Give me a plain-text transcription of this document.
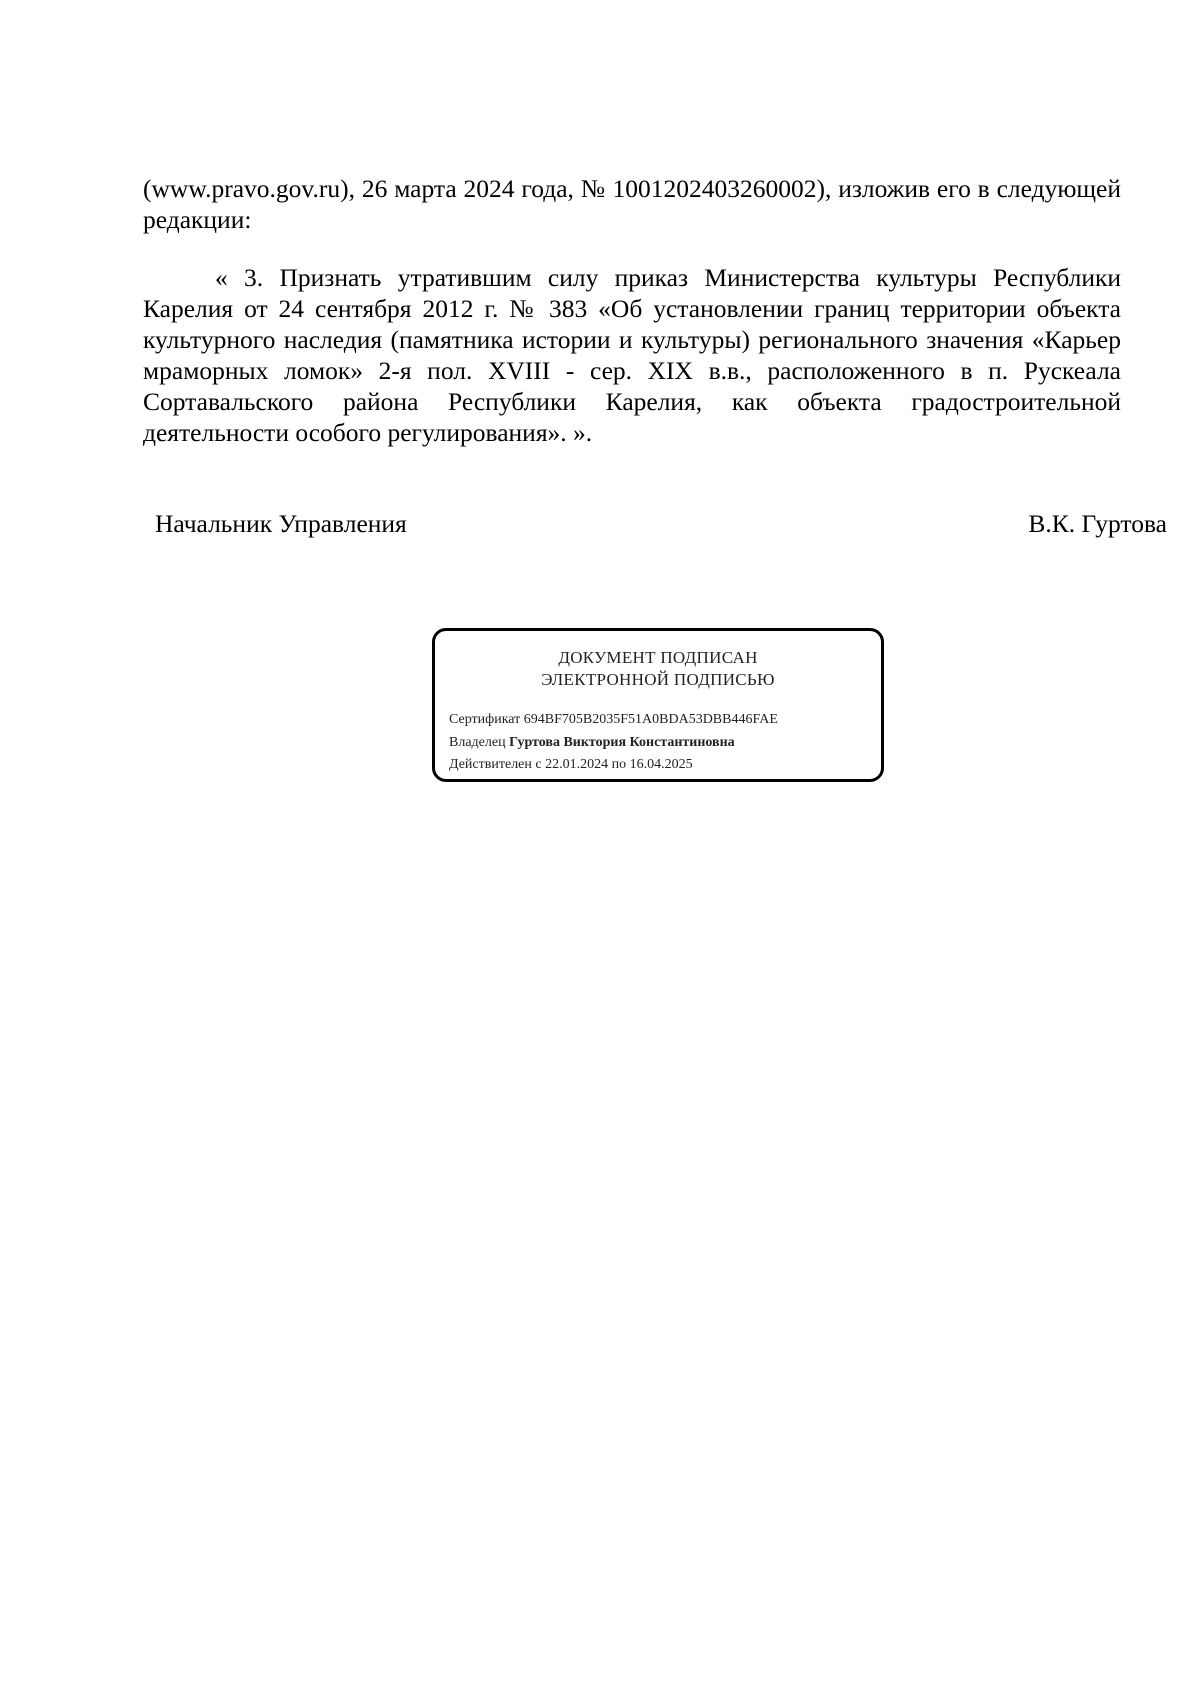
(www.pravo.gov.ru), 26 марта 2024 года, № 1001202403260002), изложив его в следующей редакции:

« 3. Признать утратившим силу приказ Министерства культуры Республики Карелия от 24 сентября 2012 г. № 383 «Об установлении границ территории объекта культурного наследия (памятника истории и культуры) регионального значения «Карьер мраморных ломок» 2-я пол. XVIII - сер. XIX в.в., расположенного в п. Рускеала Сортавальского района Республики Карелия, как объекта градостроительной деятельности особого регулирования». ».

Начальник Управления	В.К. Гуртова
ДОКУМЕНТ ПОДПИСАН
ЭЛЕКТРОННОЙ ПОДПИСЬЮ
Сертификат 694BF705B2035F51A0BDA53DBB446FAE
Владелец Гуртова Виктория Константиновна
Действителен с 22.01.2024 по 16.04.2025
